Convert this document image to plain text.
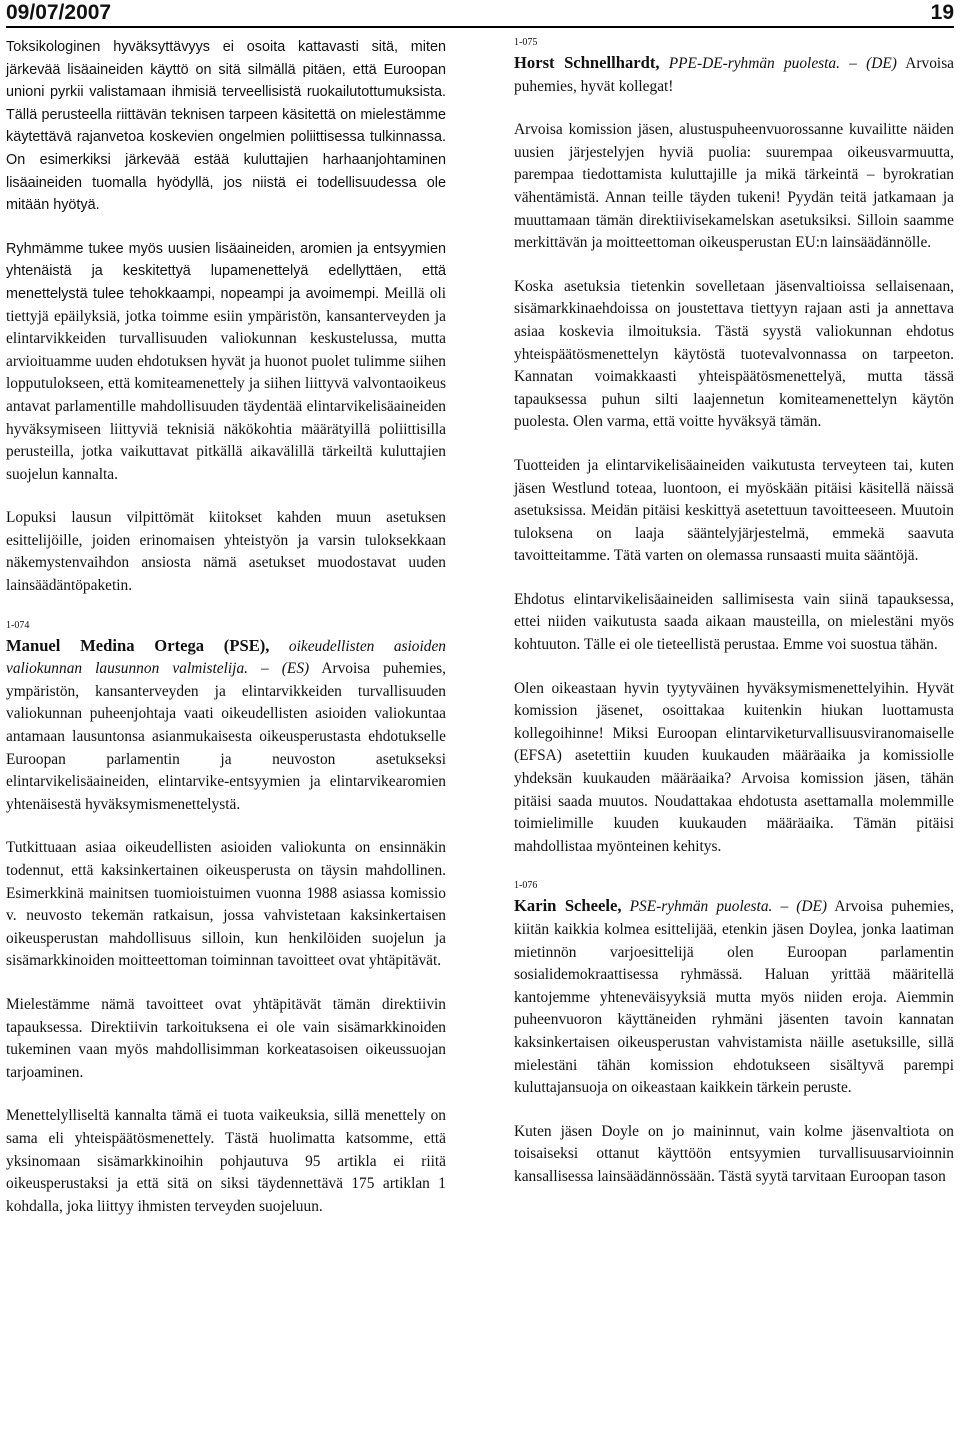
09/07/2007	19

Toksikologinen hyväksyttävyys ei osoita kattavasti sitä, miten järkevää lisäaineiden käyttö on sitä silmällä pitäen, että Euroopan unioni pyrkii valistamaan ihmisiä terveellisistä ruokailutottumuksista. Tällä perusteella riittävän teknisen tarpeen käsitettä on mielestämme käytettävä rajanvetoa koskevien ongelmien poliittisessa tulkinnassa. On esimerkiksi järkevää estää kuluttajien harhaanjohtaminen lisäaineiden tuomalla hyödyllä, jos niistä ei todellisuudessa ole mitään hyötyä.

Ryhmämme tukee myös uusien lisäaineiden, aromien ja entsyymien yhtenäistä ja keskitettyä lupamenettelyä edellyttäen, että menettelystä tulee tehokkaampi, nopeampi ja avoimempi. Meillä oli tiettyjä epäilyksiä, jotka toimme esiin ympäristön, kansanterveyden ja elintarvikkeiden turvallisuuden valiokunnan keskustelussa, mutta arvioituamme uuden ehdotuksen hyvät ja huonot puolet tulimme siihen lopputulokseen, että komiteamenettely ja siihen liittyvä valvontaoikeus antavat parlamentille mahdollisuuden täydentää elintarvikelisäaineiden hyväksymiseen liittyviä teknisiä näkökohtia määrätyillä poliittisilla perusteilla, jotka vaikuttavat pitkällä aikavälillä tärkeiltä kuluttajien suojelun kannalta.

Lopuksi lausun vilpittömät kiitokset kahden muun asetuksen esittelijöille, joiden erinomaisen yhteistyön ja varsin tuloksekkaan näkemystenvaihdon ansiosta nämä asetukset muodostavat uuden lainsäädäntöpaketin.

1-074

Manuel Medina Ortega (PSE), oikeudellisten asioiden valiokunnan lausunnon valmistelija. – (ES) Arvoisa puhemies, ympäristön, kansanterveyden ja elintarvikkeiden turvallisuuden valiokunnan puheenjohtaja vaati oikeudellisten asioiden valiokuntaa antamaan lausuntonsa asianmukaisesta oikeusperustasta ehdotukselle Euroopan parlamentin ja neuvoston asetukseksi elintarvikelisäaineiden, elintarvike-entsyymien ja elintarvikearomien yhtenäisestä hyväksymismenettelystä.

Tutkittuaan asiaa oikeudellisten asioiden valiokunta on ensinnäkin todennut, että kaksinkertainen oikeusperusta on täysin mahdollinen. Esimerkkinä mainitsen tuomioistuimen vuonna 1988 asiassa komissio v. neuvosto tekemän ratkaisun, jossa vahvistetaan kaksinkertaisen oikeusperustan mahdollisuus silloin, kun henkilöiden suojelun ja sisämarkkinoiden moitteettoman toiminnan tavoitteet ovat yhtäpitävät.

Mielestämme nämä tavoitteet ovat yhtäpitävät tämän direktiivin tapauksessa. Direktiivin tarkoituksena ei ole vain sisämarkkinoiden tukeminen vaan myös mahdollisimman korkeatasoisen oikeussuojan tarjoaminen.

Menettelylliseltä kannalta tämä ei tuota vaikeuksia, sillä menettely on sama eli yhteispäätösmenettely. Tästä huolimatta katsomme, että yksinomaan sisämarkkinoihin pohjautuva 95 artikla ei riitä oikeusperustaksi ja että sitä on siksi täydennettävä 175 artiklan 1 kohdalla, joka liittyy ihmisten terveyden suojeluun.

1-075

Horst Schnellhardt, PPE-DE-ryhmän puolesta. – (DE) Arvoisa puhemies, hyvät kollegat!

Arvoisa komission jäsen, alustuspuheenvuorossanne kuvailitte näiden uusien järjestelyjen hyviä puolia: suurempaa oikeusvarmuutta, parempaa tiedottamista kuluttajille ja mikä tärkeintä – byrokratian vähentämistä. Annan teille täyden tukeni! Pyydän teitä jatkamaan ja muuttamaan tämän direktiivisekamelskan asetuksiksi. Silloin saamme merkittävän ja moitteettoman oikeusperustan EU:n lainsäädännölle.

Koska asetuksia tietenkin sovelletaan jäsenvaltioissa sellaisenaan, sisämarkkinaehdoissa on joustettava tiettyyn rajaan asti ja annettava asiaa koskevia ilmoituksia. Tästä syystä valiokunnan ehdotus yhteispäätösmenettelyn käytöstä tuotevalvonnassa on tarpeeton. Kannatan voimakkaasti yhteispäätösmenettelyä, mutta tässä tapauksessa puhun silti laajennetun komiteamenettelyn käytön puolesta. Olen varma, että voitte hyväksyä tämän.

Tuotteiden ja elintarvikelisäaineiden vaikutusta terveyteen tai, kuten jäsen Westlund toteaa, luontoon, ei myöskään pitäisi käsitellä näissä asetuksissa. Meidän pitäisi keskittyä asetettuun tavoitteeseen. Muutoin tuloksena on laaja sääntelyjärjestelmä, emmekä saavuta tavoitteitamme. Tätä varten on olemassa runsaasti muita sääntöjä.

Ehdotus elintarvikelisäaineiden sallimisesta vain siinä tapauksessa, ettei niiden vaikutusta saada aikaan mausteilla, on mielestäni myös kohtuuton. Tälle ei ole tieteellistä perustaa. Emme voi suostua tähän.

Olen oikeastaan hyvin tyytyväinen hyväksymismenettelyihin. Hyvät komission jäsenet, osoittakaa kuitenkin hiukan luottamusta kollegoihinne! Miksi Euroopan elintarviketurvallisuusviranomaiselle (EFSA) asetettiin kuuden kuukauden määräaika ja komissiolle yhdeksän kuukauden määräaika? Arvoisa komission jäsen, tähän pitäisi saada muutos. Noudattakaa ehdotusta asettamalla molemmille toimielimille kuuden kuukauden määräaika. Tämän pitäisi mahdollistaa myönteinen kehitys.

1-076

Karin Scheele, PSE-ryhmän puolesta. – (DE) Arvoisa puhemies, kiitän kaikkia kolmea esittelijää, etenkin jäsen Doylea, jonka laatiman mietinnön varjoesittelijä olen Euroopan parlamentin sosialidemokraattisessa ryhmässä. Haluan yrittää määritellä kantojemme yhteneväisyyksiä mutta myös niiden eroja. Aiemmin puheenvuoron käyttäneiden ryhmäni jäsenten tavoin kannatan kaksinkertaisen oikeusperustan vahvistamista näille asetuksille, sillä mielestäni tähän komission ehdotukseen sisältyvä parempi kuluttajansuoja on oikeastaan kaikkein tärkein peruste.

Kuten jäsen Doyle on jo maininnut, vain kolme jäsenvaltiota on toisaiseksi ottanut käyttöön entsyymien turvallisuusarvioinnin kansallisessa lainsäädännössään. Tästä syytä tarvitaan Euroopan tason
